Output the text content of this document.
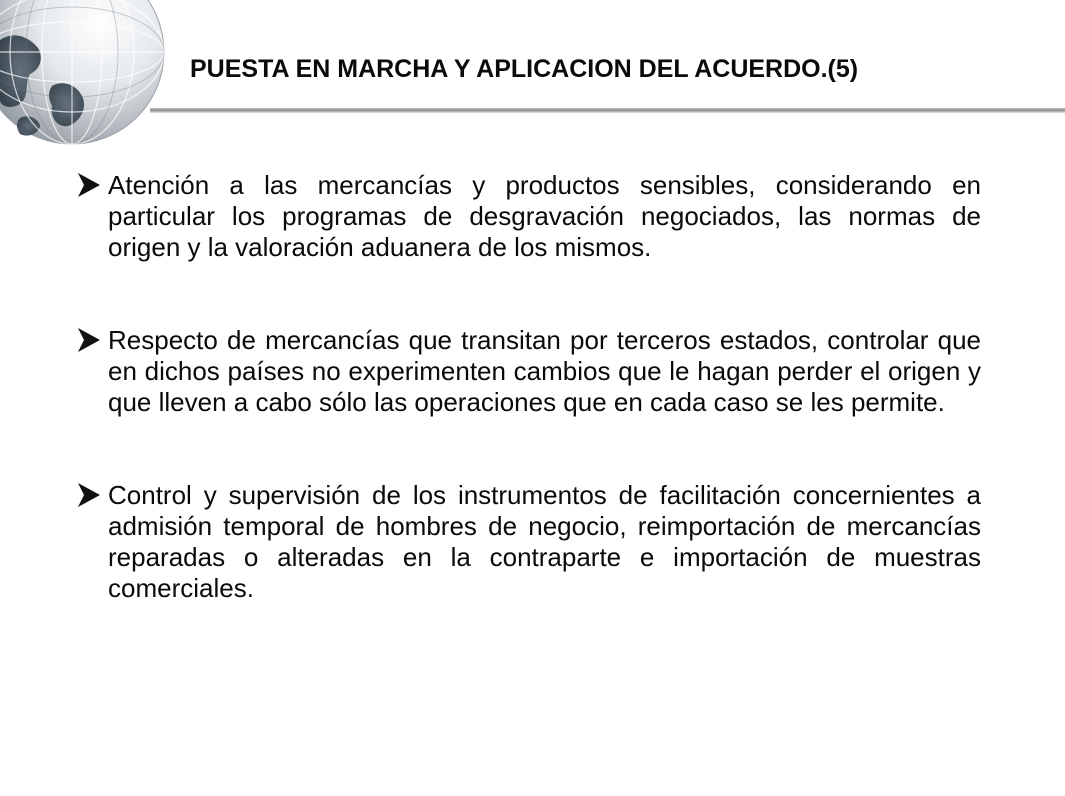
PUESTA EN MARCHA Y APLICACION DEL ACUERDO.(5)
Atención a las mercancías y productos sensibles, considerando en particular los programas de desgravación negociados, las normas de origen y la valoración aduanera de los mismos.
Respecto de mercancías que transitan por terceros estados, controlar que en dichos países no experimenten cambios que le hagan perder el origen y que lleven a cabo sólo las operaciones que en cada caso se les permite.
Control y supervisión de los instrumentos de facilitación concernientes a admisión temporal de hombres de negocio, reimportación de mercancías reparadas o alteradas en la contraparte e importación de muestras comerciales.
